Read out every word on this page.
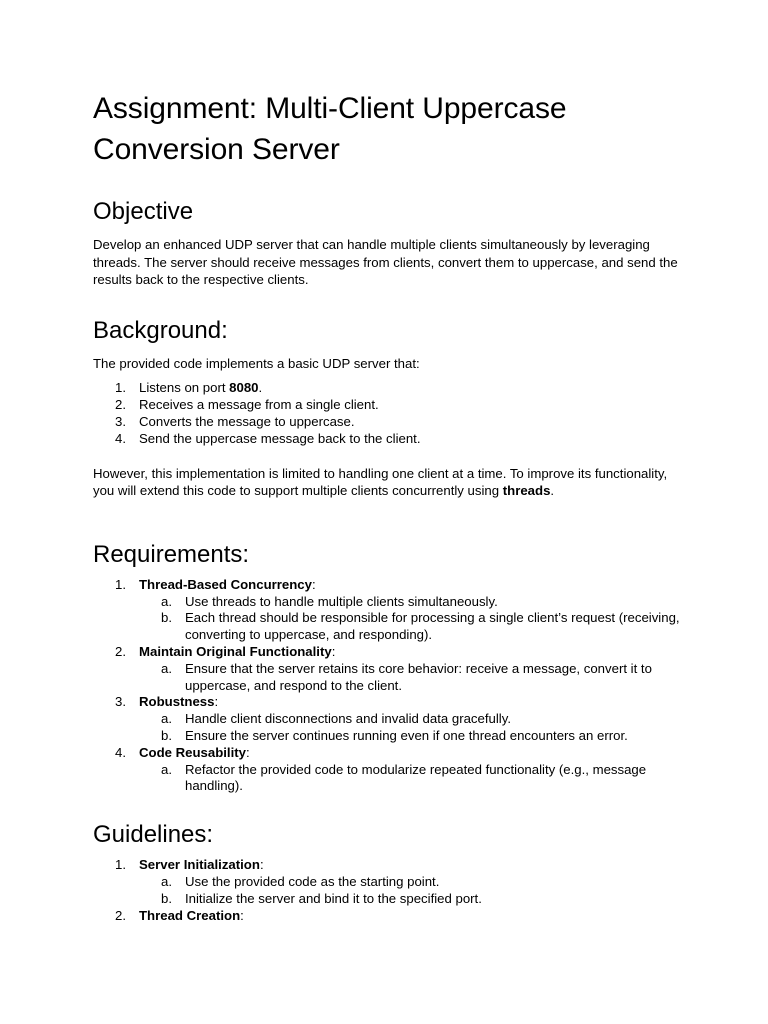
Assignment: Multi-Client Uppercase Conversion Server
Objective

Develop an enhanced UDP server that can handle multiple clients simultaneously by leveraging threads. The server should receive messages from clients, convert them to uppercase, and send the results back to the respective clients.

Background:

The provided code implements a basic UDP server that:

1. Listens on port 8080.
2. Receives a message from a single client.
3. Converts the message to uppercase.
4. Send the uppercase message back to the client.

However, this implementation is limited to handling one client at a time. To improve its functionality, you will extend this code to support multiple clients concurrently using threads.

Requirements:
1. Thread-Based Concurrency:
a. Use threads to handle multiple clients simultaneously.
b. Each thread should be responsible for processing a single client’s request (receiving, converting to uppercase, and responding).
2. Maintain Original Functionality:
a. Ensure that the server retains its core behavior: receive a message, convert it to uppercase, and respond to the client.
3. Robustness:
a. Handle client disconnections and invalid data gracefully.
b. Ensure the server continues running even if one thread encounters an error.
4. Code Reusability:
a. Refactor the provided code to modularize repeated functionality (e.g., message handling).
Guidelines:
1. Server Initialization:
a. Use the provided code as the starting point.
b. Initialize the server and bind it to the specified port.
2. Thread Creation:
